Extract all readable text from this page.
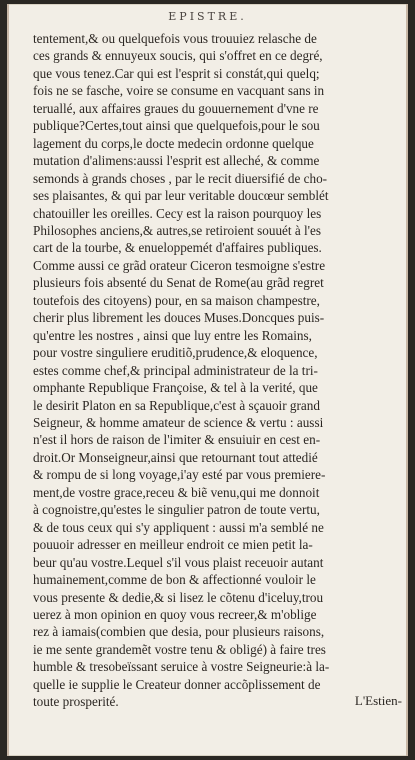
EPISTRE.
tentement,& ou quelquefois vous trouuiez relasche de
ces grands & ennuyeux soucis, qui s'offret en ce degré,
que vous tenez.Car qui est l'esprit si constát,qui quelq;
fois ne se fasche, voire se consume en vacquant sans in
teruallé, aux affaires graues du gouuernement d'vne re
publique?Certes,tout ainsi que quelquefois,pour le sou
lagement du corps,le docte medecin ordonne quelque
mutation d'alimens:aussi l'esprit est alleché, & comme
semonds à grands choses , par le recit diuersifié de cho-
ses plaisantes, & qui par leur veritable doucœur semblét
chatouiller les oreilles. Cecy est la raison pourquoy les
Philosophes anciens,& autres,se retiroient souuét à l'es
cart de la tourbe, & enueloppemét d'affaires publiques.
Comme aussi ce grãd orateur Ciceron tesmoigne s'estre
plusieurs fois absenté du Senat de Rome(au grãd regret
toutefois des citoyens) pour, en sa maison champestre,
cherir plus librement les douces Muses.Doncques puis-
qu'entre les nostres , ainsi que luy entre les Romains,
pour vostre singuliere eruditiõ,prudence,& eloquence,
estes comme chef,& principal administrateur de la tri-
omphante Republique Françoise, & tel à la verité, que
le desirit Platon en sa Republique,c'est à sçauoir grand
Seigneur, & homme amateur de science & vertu : aussi
n'est il hors de raison de l'imiter & ensuiuir en cest en-
droit.Or Monseigneur,ainsi que retournant tout attedié
& rompu de si long voyage,i'ay esté par vous premiere-
ment,de vostre grace,receu & biẽ venu,qui me donnoit
à cognoistre,qu'estes le singulier patron de toute vertu,
& de tous ceux qui s'y appliquent : aussi m'a semblé ne
pouuoir adresser en meilleur endroit ce mien petit la-
beur qu'au vostre.Lequel s'il vous plaist receuoir autant
humainement,comme de bon & affectionné vouloir le
vous presente & dedie,& si lisez le cõtenu d'iceluy,trou
uerez à mon opinion en quoy vous recreer,& m'oblige
rez à iamais(combien que desia, pour plusieurs raisons,
ie me sente grandemẽt vostre tenu & obligé) à faire tres
humble & tresobeïssant seruice à vostre Seigneurie:à la-
quelle ie supplie le Createur donner accõplissement de
toute prosperité.	L'Estien-
